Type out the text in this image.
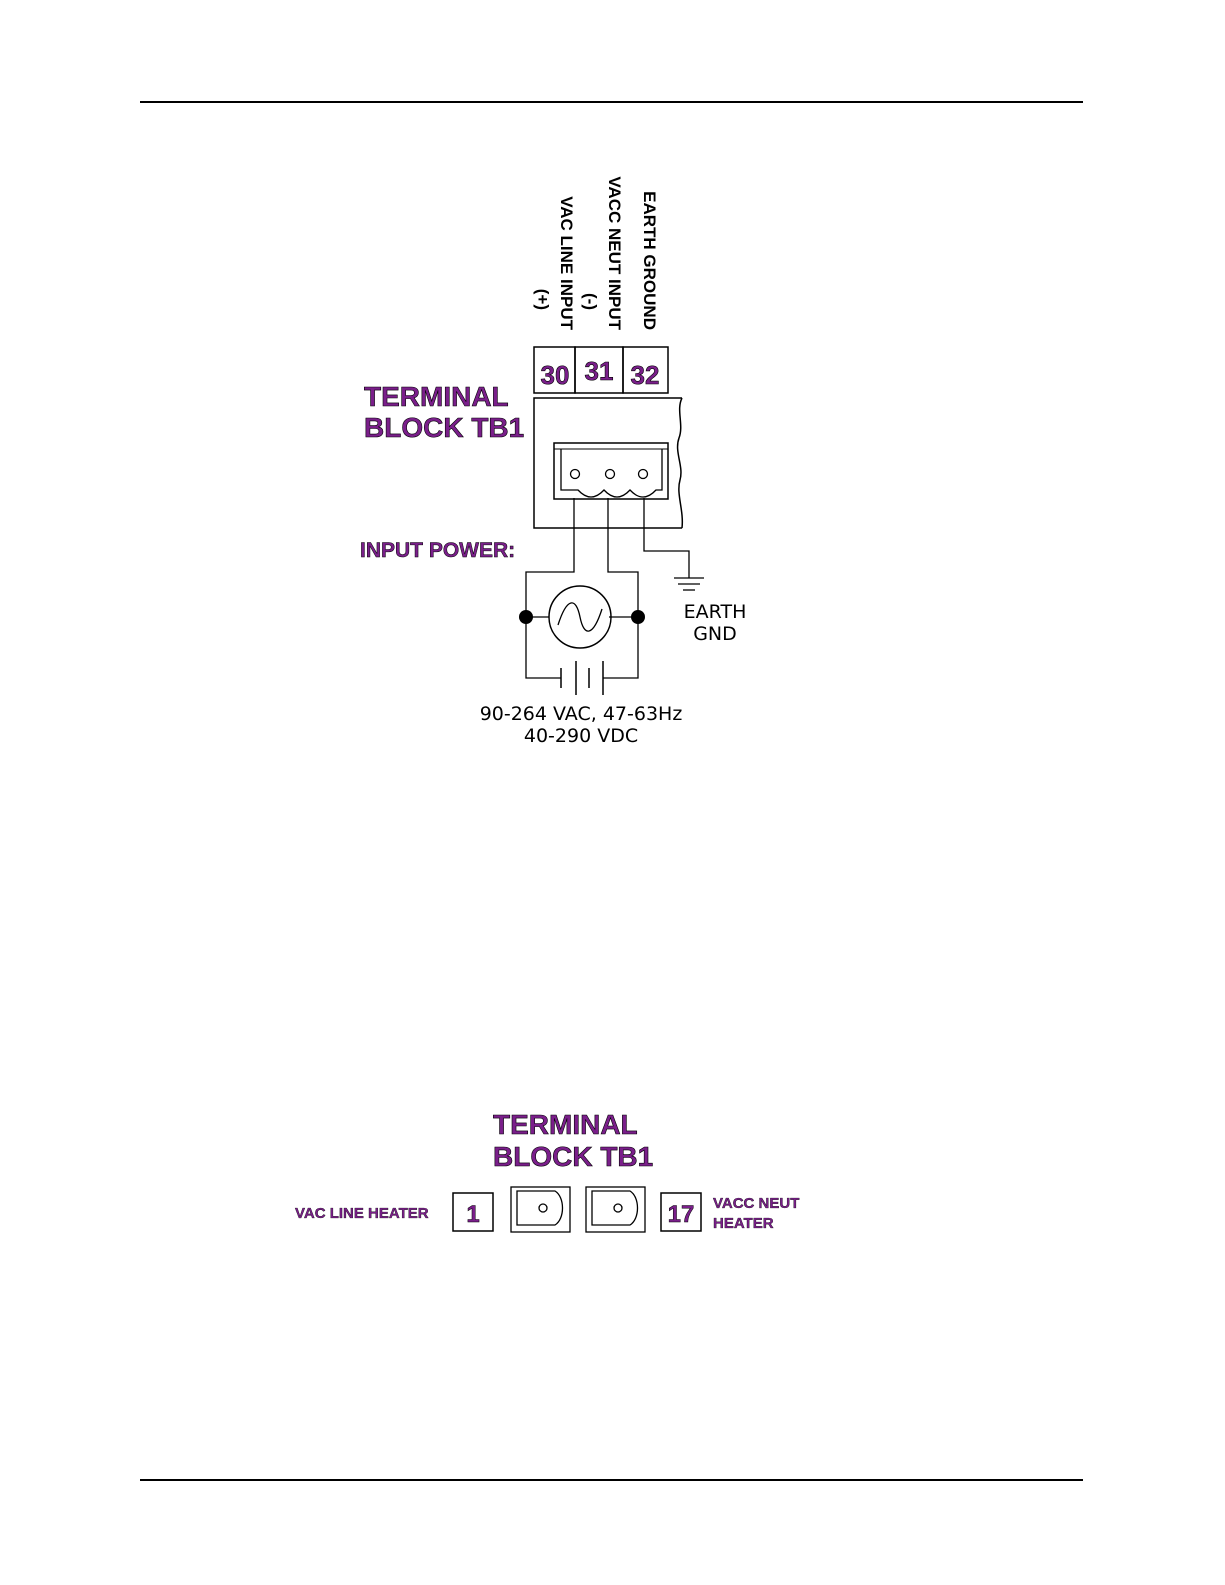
VAC LINE INPUT
(+)	VACC NEUT INPUT
(-) EARTH GROUND
30 31 32
TERMINAL
BLOCK TB1
INPUT POWER:
EARTH
GND
90-264 VAC, 47-63Hz
40-290 VDC
TERMINAL
BLOCK TB1
VAC LINE HEATER 1	17 VACC NEUT
HEATER
